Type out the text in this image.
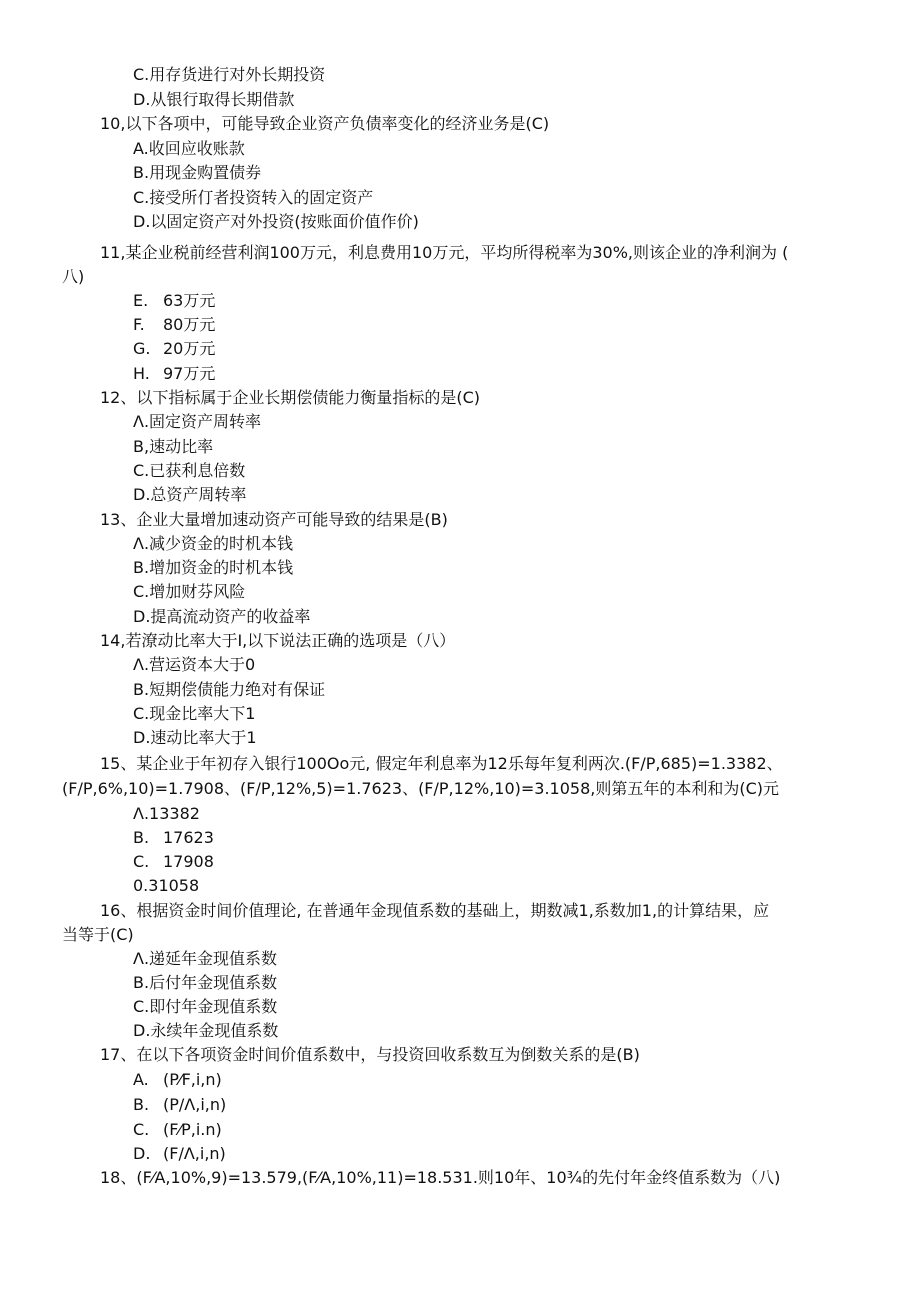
C.用存货进行对外长期投资
D.从银行取得长期借款
10,以下各项中，可能导致企业资产负债率变化的经济业务是(C)
A.收回应收账款
B.用现金购置债券
C.接受所仃者投资转入的固定资产
D.以固定资产对外投资(按账面价值作价)
11,某企业税前经营利润100万元，利息费用10万元，平均所得税率为30%,则该企业的净利涧为 (
八)
E. 63万元
F. 80万元
G. 20万元
H. 97万元
12、以下指标属于企业长期偿债能力衡量指标的是(C)
Λ.固定资产周转率
B,速动比率
C.已获利息倍数
D.总资产周转率
13、企业大量增加速动资产可能导致的结果是(B)
Λ.减少资金的时机本钱
B.增加资金的时机本钱
C.增加财芬风险
D.提高流动资产的收益率
14,若潦动比率大于I,以下说法正确的选项是（八）
Λ.营运资本大于0
B.短期偿债能力绝对有保证
C.现金比率大下1
D.速动比率大于1
15、某企业于年初存入银行100Oo元, 假定年利息率为12乐每年复利两次.(F/P,685)=1.3382、
(F/P,6%,10)=1.7908、(F/P,12%,5)=1.7623、(F/P,12%,10)=3.1058,则第五年的本利和为(C)元
Λ.13382
B. 17623
C. 17908
0.31058
16、根据资金时间价值理论, 在普通年金现值系数的基础上，期数减1,系数加1,的计算结果，应
当等于(C)
Λ.递延年金现值系数
B.后付年金现值系数
C.即付年金现值系数
D.永续年金现值系数
17、在以下各项资金时间价值系数中，与投资回收系数互为倒数关系的是(B)
A. (P⁄F,i,n)
B. (P/Λ,i,n)
C. (F⁄P,i.n)
D. (F/Λ,i,n)
18、(F⁄A,10%,9)=13.579,(F⁄A,10%,11)=18.531.则10年、10¾的先付年金终值系数为（八)
